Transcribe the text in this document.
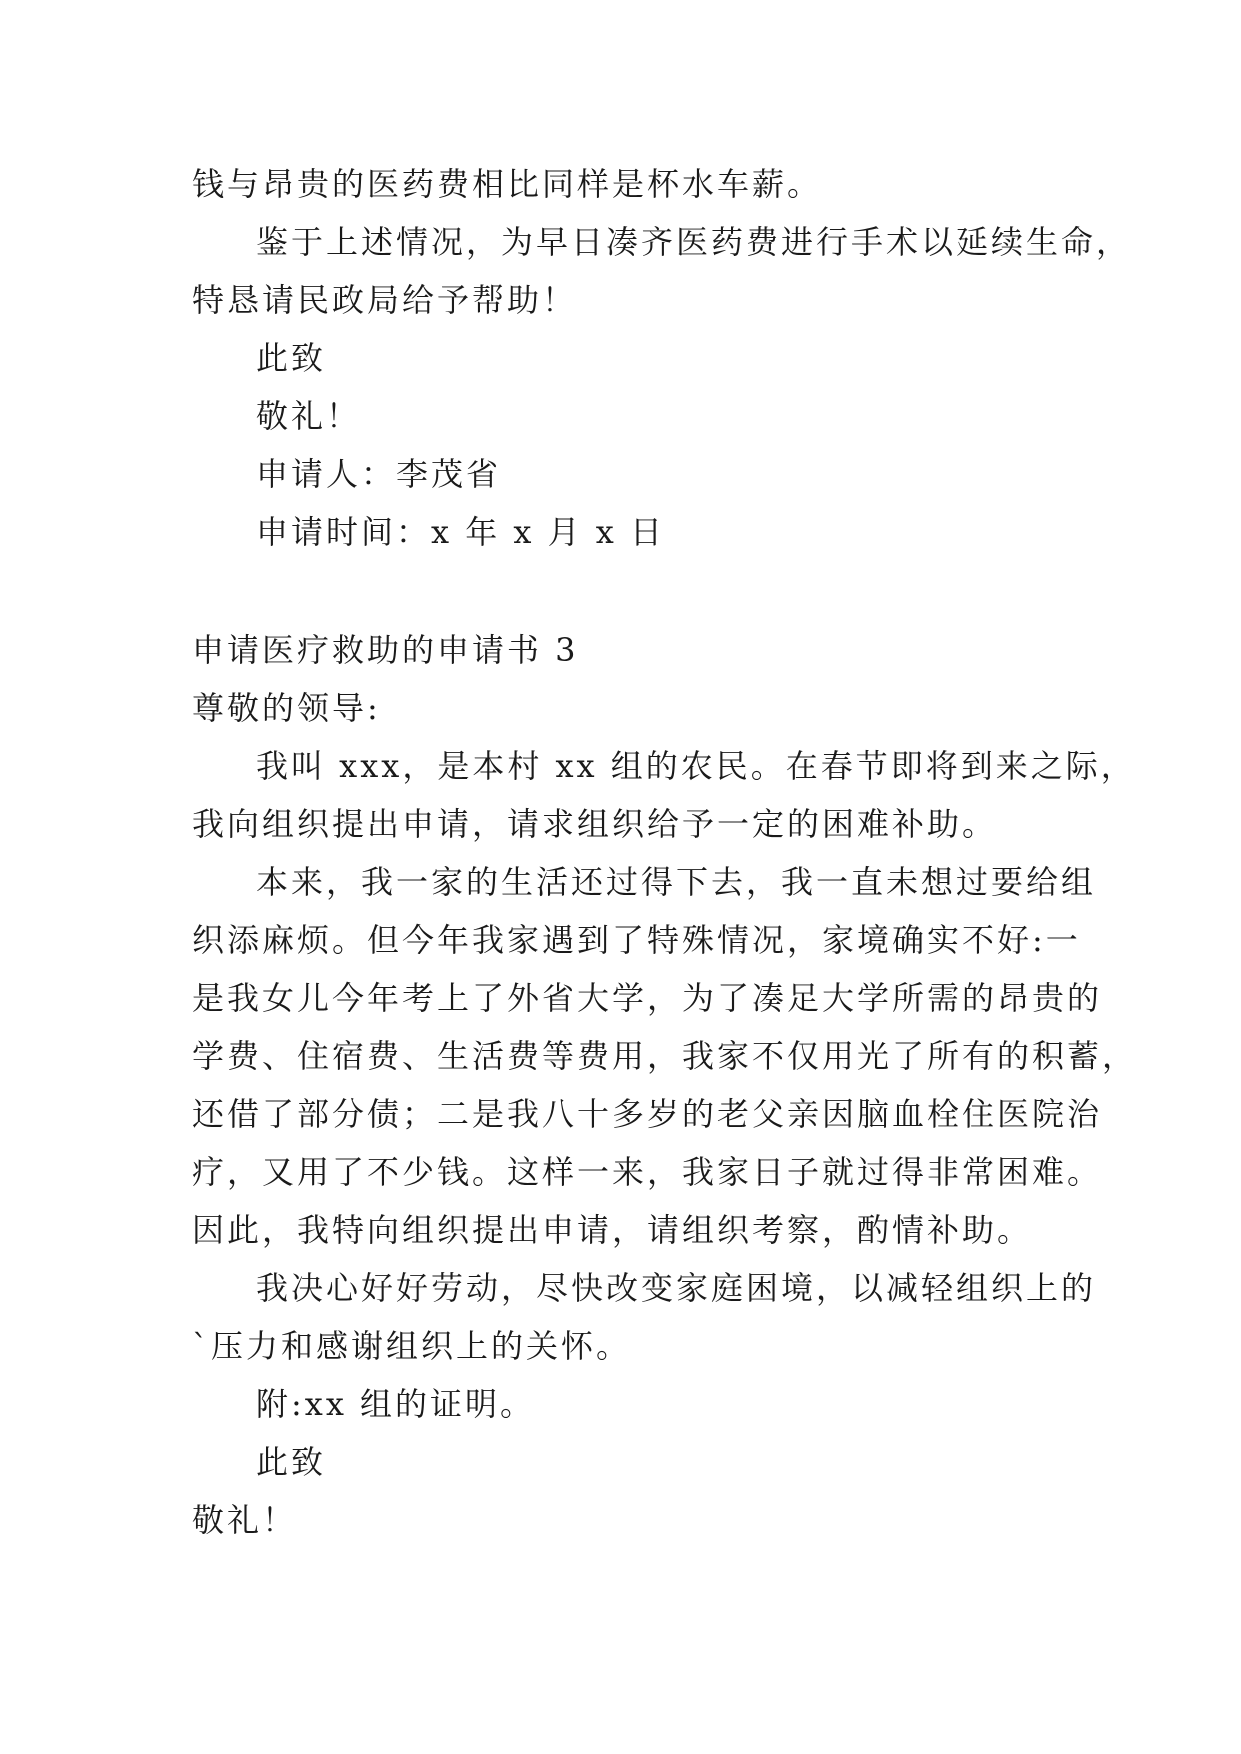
钱与昂贵的医药费相比同样是杯水车薪。
鉴于上述情况，为早日凑齐医药费进行手术以延续生命，
特恳请民政局给予帮助！
此致
敬礼！
申请人：李茂省
申请时间：x 年 x 月 x 日
申请医疗救助的申请书 3
尊敬的领导:
我叫 xxx，是本村 xx 组的农民。在春节即将到来之际，
我向组织提出申请，请求组织给予一定的困难补助。
本来，我一家的生活还过得下去，我一直未想过要给组
织添麻烦。但今年我家遇到了特殊情况，家境确实不好:一
是我女儿今年考上了外省大学，为了凑足大学所需的昂贵的
学费、住宿费、生活费等费用，我家不仅用光了所有的积蓄，
还借了部分债；二是我八十多岁的老父亲因脑血栓住医院治
疗，又用了不少钱。这样一来，我家日子就过得非常困难。
因此，我特向组织提出申请，请组织考察，酌情补助。
我决心好好劳动，尽快改变家庭困境，以减轻组织上的
`压力和感谢组织上的关怀。
附:xx 组的证明。
此致
敬礼！
